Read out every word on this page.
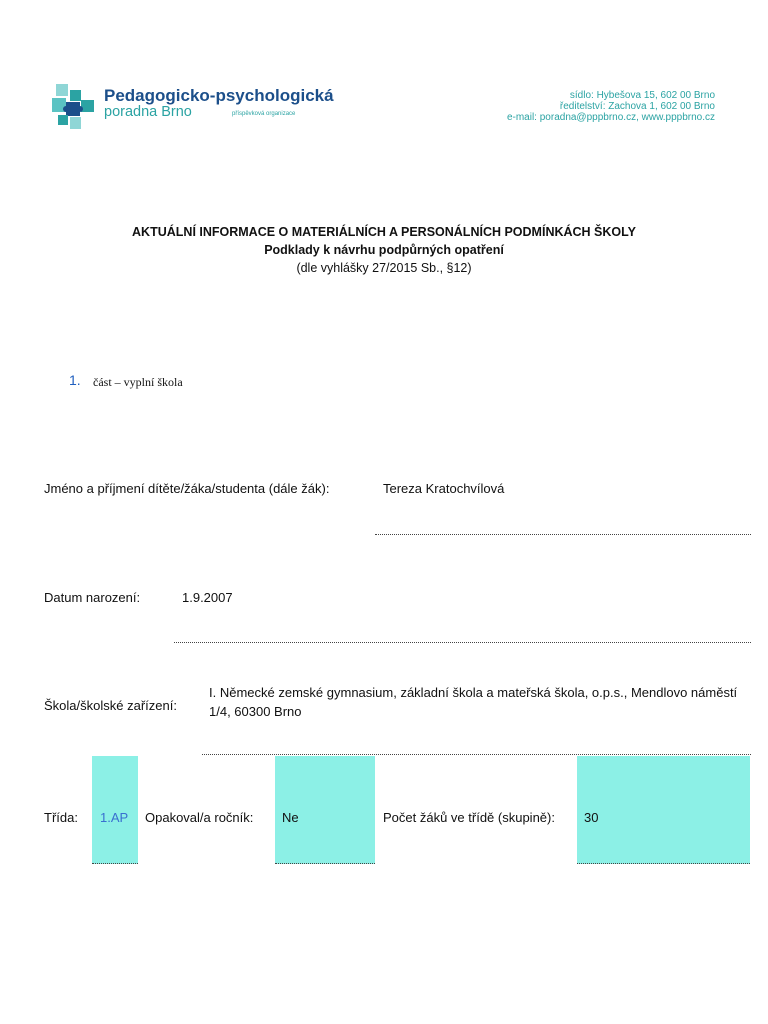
Pedagogicko-psychologická
poradna Brno	příspěvková organizace
sídlo: Hybešova 15, 602 00 Brno
ředitelství: Zachova 1, 602 00 Brno
e-mail: poradna@pppbrno.cz, www.pppbrno.cz
AKTUÁLNÍ INFORMACE O MATERIÁLNÍCH A PERSONÁLNÍCH PODMÍNKÁCH ŠKOLY
Podklady k návrhu podpůrných opatření
(dle vyhlášky 27/2015 Sb., §12)
1. část – vyplní škola
Jméno a příjmení dítěte/žáka/studenta (dále žák):	Tereza Kratochvílová
Datum narození:	1.9.2007
Škola/školské zařízení:
I. Německé zemské gymnasium, základní škola a mateřská škola, o.p.s., Mendlovo náměstí 1/4, 60300 Brno
Třída: 1.AP Opakoval/a ročník: Ne	Počet žáků ve třídě (skupině): 30
